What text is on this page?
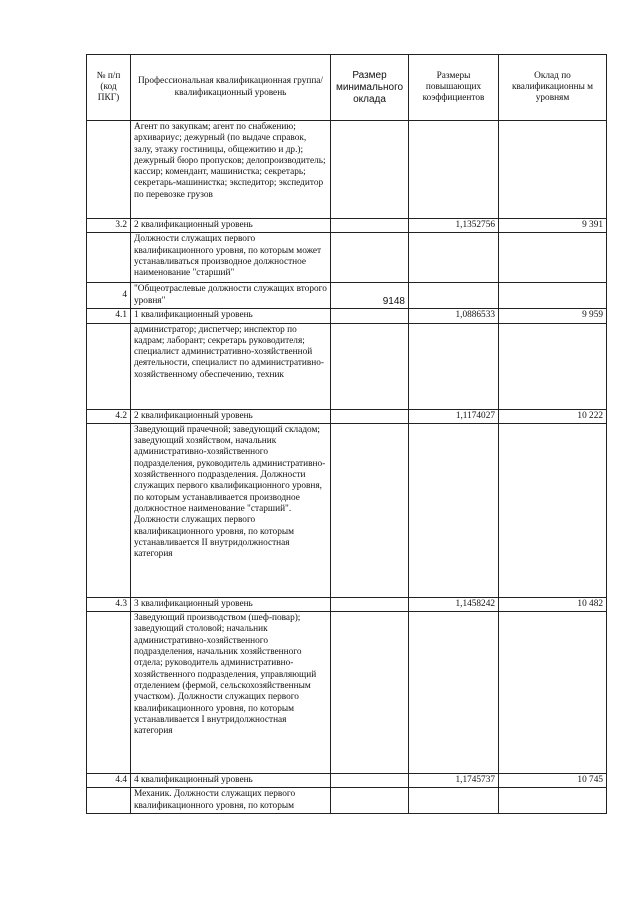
№ п/п (код ПКГ)	Профессиональная квалификационная группа/квалификационный уровень	Размер минимального оклада	Размеры повышающих коэффициентов	Оклад по квалификационны м уровням
	Агент по закупкам; агент по снабжению; архивариус; дежурный (по выдаче справок, залу, этажу гостиницы, общежитию и др.); дежурный бюро пропусков; делопроизводитель; кассир; комендант, машинистка; секретарь; секретарь-машинистка; экспедитор; экспедитор по перевозке грузов			
3.2	2 квалификационный уровень		1,1352756	9 391
	Должности служащих первого квалификационного уровня, по которым может устанавливаться производное должностное наименование "старший"			
4	"Общеотраслевые должности служащих второго уровня"	9148		
4.1	1 квалификационный уровень		1,0886533	9 959
	администратор; диспетчер; инспектор по кадрам; лаборант; секретарь руководителя; специалист административно-хозяйственной деятельности, специалист по административно-хозяйственному обеспечению, техник			
4.2	2 квалификационный уровень		1,1174027	10 222
	Заведующий прачечной; заведующий складом; заведующий хозяйством, начальник административно-хозяйственного подразделения, руководитель административно-хозяйственного подразделения. Должности служащих первого квалификационного уровня, по которым устанавливается производное должностное наименование "старший". Должности служащих первого квалификационного уровня, по которым устанавливается II внутридолжностная категория			
4.3	3 квалификационный уровень		1,1458242	10 482
	Заведующий производством (шеф-повар); заведующий столовой; начальник административно-хозяйственного подразделения, начальник хозяйственного отдела; руководитель административно-хозяйственного подразделения, управляющий отделением (фермой, сельскохозяйственным участком). Должности служащих первого квалификационного уровня, по которым устанавливается I внутридолжностная категория			
4.4	4 квалификационный уровень		1,1745737	10 745
	Механик. Должности служащих первого квалификационного уровня, по которым			
